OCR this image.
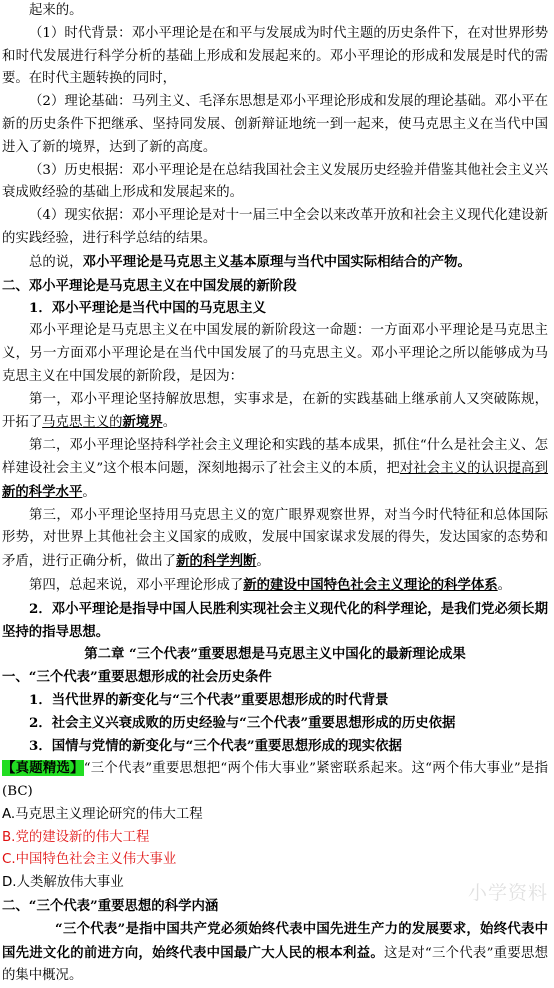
起来的。

（1）时代背景：邓小平理论是在和平与发展成为时代主题的历史条件下，在对世界形势和时代发展进行科学分析的基础上形成和发展起来的。邓小平理论的形成和发展是时代的需要。在时代主题转换的同时，

（2）理论基础：马列主义、毛泽东思想是邓小平理论形成和发展的理论基础。邓小平在新的历史条件下把继承、坚持同发展、创新辩证地统一到一起来，使马克思主义在当代中国进入了新的境界，达到了新的高度。

（3）历史根据：邓小平理论是在总结我国社会主义发展历史经验并借鉴其他社会主义兴衰成败经验的基础上形成和发展起来的。

（4）现实依据：邓小平理论是对十一届三中全会以来改革开放和社会主义现代化建设新的实践经验，进行科学总结的结果。

总的说，邓小平理论是马克思主义基本原理与当代中国实际相结合的产物。

二、邓小平理论是马克思主义在中国发展的新阶段

1．邓小平理论是当代中国的马克思主义

邓小平理论是马克思主义在中国发展的新阶段这一命题：一方面邓小平理论是马克思主义，另一方面邓小平理论是在当代中国发展了的马克思主义。邓小平理论之所以能够成为马克思主义在中国发展的新阶段，是因为：

第一，邓小平理论坚持解放思想，实事求是，在新的实践基础上继承前人又突破陈规，开拓了马克思主义的新境界。

第二，邓小平理论坚持科学社会主义理论和实践的基本成果，抓住“什么是社会主义、怎样建设社会主义”这个根本问题，深刻地揭示了社会主义的本质，把对社会主义的认识提高到新的科学水平。

第三，邓小平理论坚持用马克思主义的宽广眼界观察世界，对当今时代特征和总体国际形势，对世界上其他社会主义国家的成败，发展中国家谋求发展的得失，发达国家的态势和矛盾，进行正确分析，做出了新的科学判断。

第四，总起来说，邓小平理论形成了新的建设中国特色社会主义理论的科学体系。

2．邓小平理论是指导中国人民胜利实现社会主义现代化的科学理论，是我们党必须长期坚持的指导思想。

第二章 “三个代表”重要思想是马克思主义中国化的最新理论成果

一、“三个代表”重要思想形成的社会历史条件

1．当代世界的新变化与“三个代表”重要思想形成的时代背景

2．社会主义兴衰成败的历史经验与“三个代表”重要思想形成的历史依据

3．国情与党情的新变化与“三个代表”重要思想形成的现实依据

【真题精选】“三个代表”重要思想把“两个伟大事业”紧密联系起来。这“两个伟大事业”是指(BC)

A.马克思主义理论研究的伟大工程

B.党的建设新的伟大工程

C.中国特色社会主义伟大事业

D.人类解放伟大事业

二、“三个代表”重要思想的科学内涵

“三个代表”是指中国共产党必须始终代表中国先进生产力的发展要求，始终代表中国先进文化的前进方向，始终代表中国最广大人民的根本利益。这是对“三个代表”重要思想的集中概况。

小学资料
